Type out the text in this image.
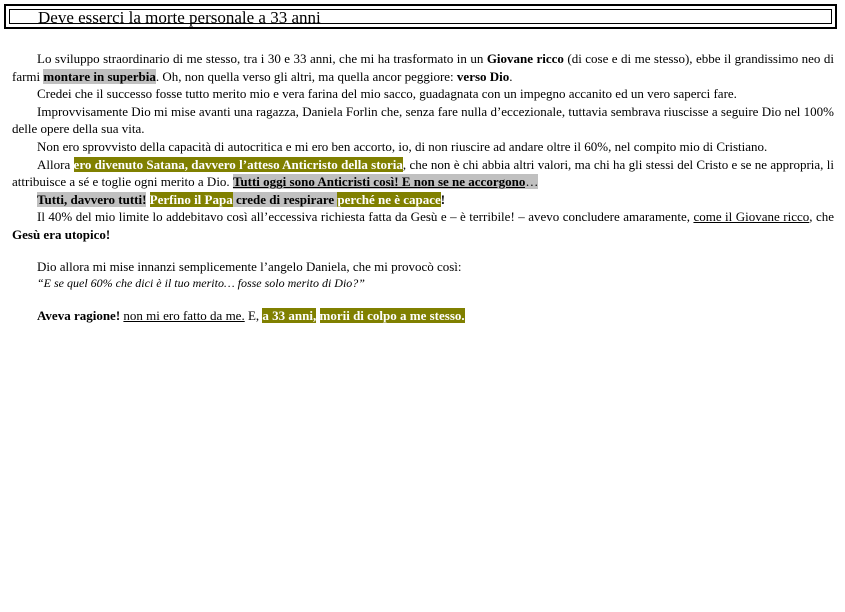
Deve esserci la morte personale a 33 anni

Lo sviluppo straordinario di me stesso, tra i 30 e 33 anni, che mi ha trasformato in un Giovane ricco (di cose e di me stesso), ebbe il grandissimo neo di farmi montare in superbia. Oh, non quella verso gli altri, ma quella ancor peggiore: verso Dio.

Credei che il successo fosse tutto merito mio e vera farina del mio sacco, guadagnata con un impegno accanito ed un vero saperci fare.

Improvvisamente Dio mi mise avanti una ragazza, Daniela Forlin che, senza fare nulla d’eccezionale, tuttavia sembrava riuscisse a seguire Dio nel 100% delle opere della sua vita.

Non ero sprovvisto della capacità di autocritica e mi ero ben accorto, io, di non riuscire ad andare oltre il 60%, nel compito mio di Cristiano.

Allora ero divenuto Satana, davvero l’atteso Anticristo della storia, che non è chi abbia altri valori, ma chi ha gli stessi del Cristo e se ne appropria, li attribuisce a sé e toglie ogni merito a Dio. Tutti oggi sono Anticristi così! E non se ne accorgono…

Tutti, davvero tutti! Perfino il Papa crede di respirare perché ne è capace!

Il 40% del mio limite lo addebitavo così all’eccessiva richiesta fatta da Gesù e – è terribile! – avevo concludere amaramente, come il Giovane ricco, che Gesù era utopico!

Dio allora mi mise innanzi semplicemente l’angelo Daniela, che mi provocò così:

“E se quel 60% che dici è il tuo merito… fosse solo merito di Dio?”

Aveva ragione! non mi ero fatto da me. E, a 33 anni, morii di colpo a me stesso.
